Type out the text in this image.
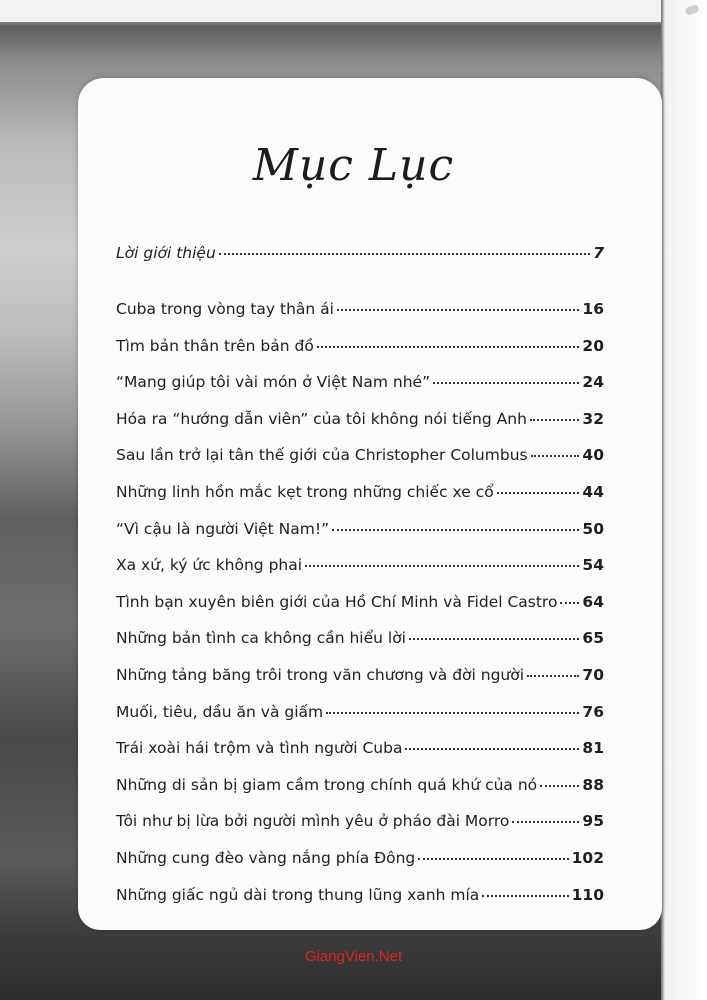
Mục Lục
Lời giới thiệu	7
Cuba trong vòng tay thân ái	16
Tìm bản thân trên bản đồ	20
“Mang giúp tôi vài món ở Việt Nam nhé”	24
Hóa ra “hướng dẫn viên” của tôi không nói tiếng Anh	32
Sau lần trở lại tân thế giới của Christopher Columbus	40
Những linh hồn mắc kẹt trong những chiếc xe cổ	44
“Vì cậu là người Việt Nam!”	50
Xa xứ, ký ức không phai	54
Tình bạn xuyên biên giới của Hồ Chí Minh và Fidel Castro 64
Những bản tình ca không cần hiểu lời	65
Những tảng băng trôi trong văn chương và đời người	70
Muối, tiêu, dầu ăn và giấm	76
Trái xoài hái trộm và tình người Cuba	81
Những di sản bị giam cầm trong chính quá khứ của nó	88
Tôi như bị lừa bởi người mình yêu ở pháo đài Morro	95
Những cung đèo vàng nắng phía Đông	102
Những giấc ngủ dài trong thung lũng xanh mía	110
GiangVien.Net
